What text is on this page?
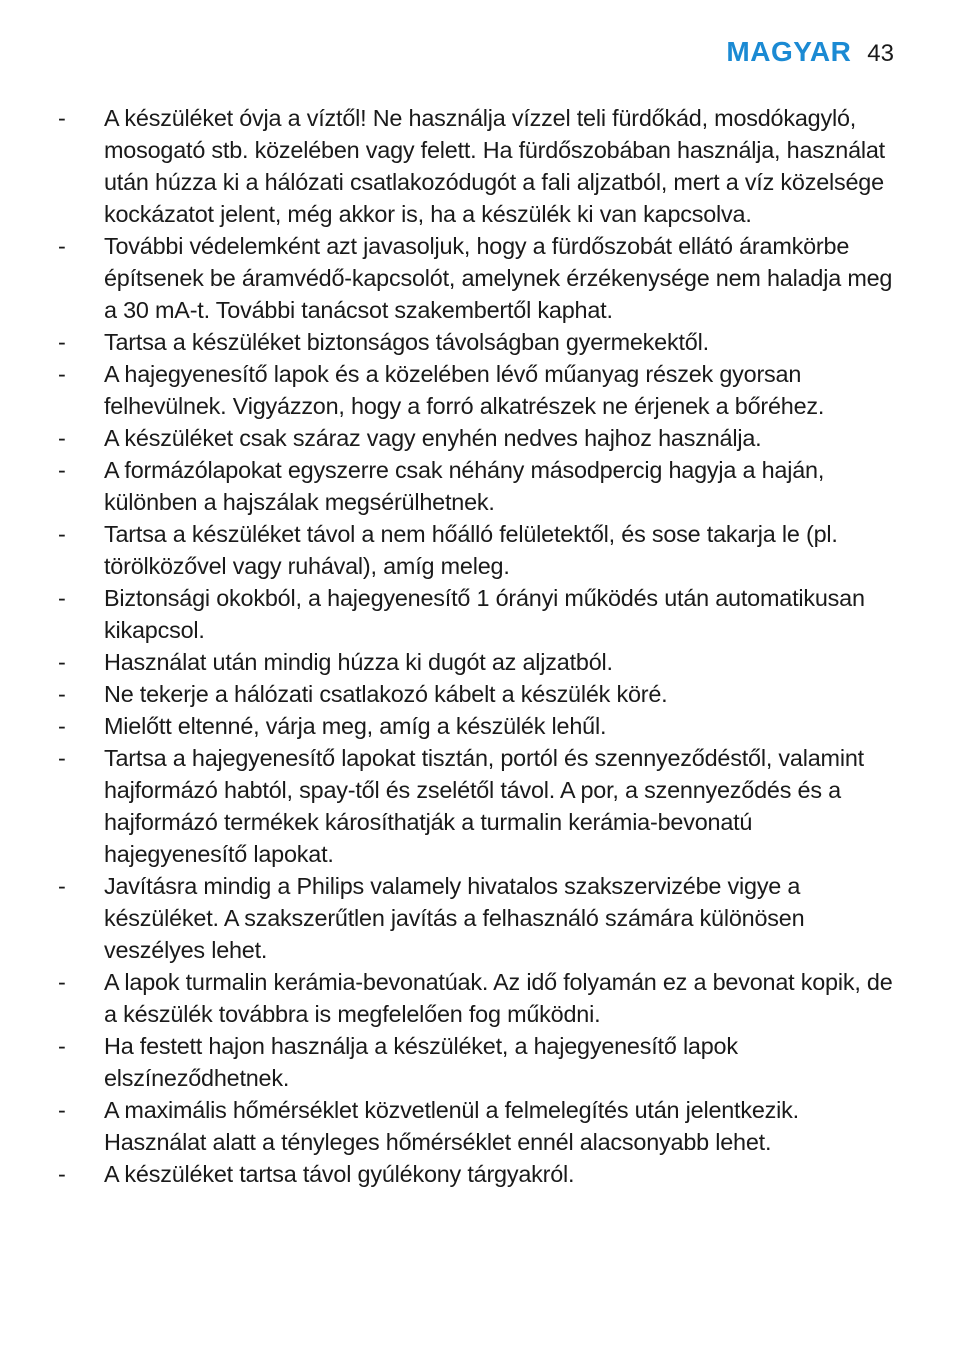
MAGYAR 43
- A készüléket óvja a víztől! Ne használja vízzel teli fürdőkád, mosdókagyló, mosogató stb. közelében vagy felett. Ha fürdőszobában használja, használat után húzza ki a hálózati csatlakozódugót a fali aljzatból, mert a víz közelsége kockázatot jelent, még akkor is, ha a készülék ki van kapcsolva.
- További védelemként azt javasoljuk, hogy a fürdőszobát ellátó áramkörbe építsenek be áramvédő-kapcsolót, amelynek érzékenysége nem haladja meg a 30 mA-t. További tanácsot szakembertől kaphat.
- Tartsa a készüléket biztonságos távolságban gyermekektől.
- A hajegyenesítő lapok és a közelében lévő műanyag részek gyorsan felhevülnek. Vigyázzon, hogy a forró alkatrészek ne érjenek a bőréhez.
- A készüléket csak száraz vagy enyhén nedves hajhoz használja.
- A formázólapokat egyszerre csak néhány másodpercig hagyja a haján, különben a hajszálak megsérülhetnek.
- Tartsa a készüléket távol a nem hőálló felületektől, és sose takarja le (pl. törölközővel vagy ruhával), amíg meleg.
- Biztonsági okokból, a hajegyenesítő 1 órányi működés után automatikusan kikapcsol.
- Használat után mindig húzza ki dugót az aljzatból.
- Ne tekerje a hálózati csatlakozó kábelt a készülék köré.
- Mielőtt eltenné, várja meg, amíg a készülék lehűl.
- Tartsa a hajegyenesítő lapokat tisztán, portól és szennyeződéstől, valamint hajformázó habtól, spay-től és zselétől távol. A por, a szennyeződés és a hajformázó termékek károsíthatják a turmalin kerámia-bevonatú hajegyenesítő lapokat.
- Javításra mindig a Philips valamely hivatalos szakszervizébe vigye a készüléket. A szakszerűtlen javítás a felhasználó számára különösen veszélyes lehet.
- A lapok turmalin kerámia-bevonatúak. Az idő folyamán ez a bevonat kopik, de a készülék továbbra is megfelelően fog működni.
- Ha festett hajon használja a készüléket, a hajegyenesítő lapok elszíneződhetnek.
- A maximális hőmérséklet közvetlenül a felmelegítés után jelentkezik. Használat alatt a tényleges hőmérséklet ennél alacsonyabb lehet.
- A készüléket tartsa távol gyúlékony tárgyakról.
